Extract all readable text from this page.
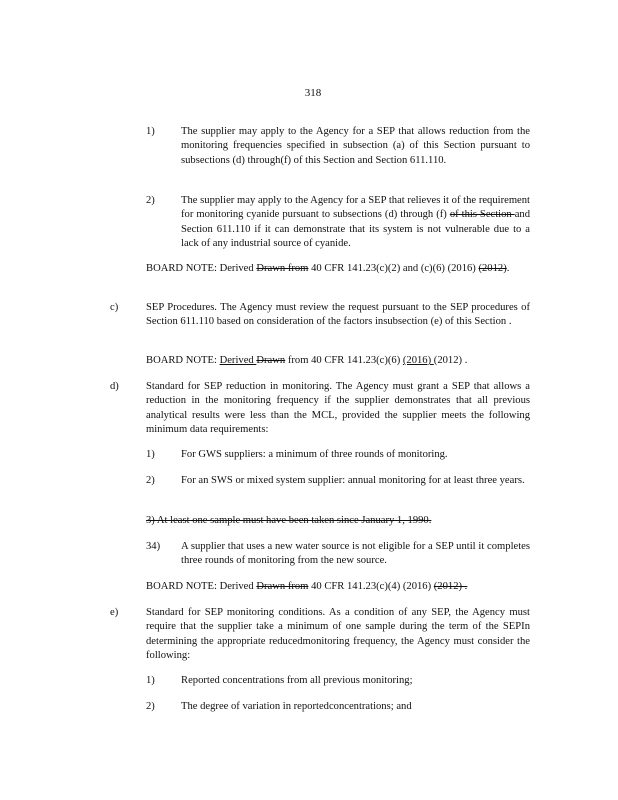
318
1) The supplier may apply to the Agency for a SEP that allows reduction from the monitoring frequencies specified in subsection (a) of this Section pursuant to subsections (d) through(f) of this Section and Section 611.110.
2) The supplier may apply to the Agency for a SEP that relieves it of the requirement for monitoring cyanide pursuant to subsections (d) through (f) of this Section and Section 611.110 if it can demonstrate that its system is not vulnerable due to a lack of any industrial source of cyanide.
BOARD NOTE: Derived Drawn from 40 CFR 141.23(c)(2) and (c)(6) (2016) (2012).
c)	SEP Procedures. The Agency must review the request pursuant to the SEP procedures of Section 611.110 based on consideration of the factors insubsection (e) of this Section .
BOARD NOTE: Derived Drawn from 40 CFR 141.23(c)(6) (2016) (2012) .
d)	Standard for SEP reduction in monitoring. The Agency must grant a SEP that allows a reduction in the monitoring frequency if the supplier demonstrates that all previous analytical results were less than the MCL, provided the supplier meets the following minimum data requirements:
1) For GWS suppliers: a minimum of three rounds of monitoring.
2) For an SWS or mixed system supplier: annual monitoring for at least three years.
3) At least one sample must have been taken since January 1, 1990.
34) A supplier that uses a new water source is not eligible for a SEP until it completes three rounds of monitoring from the new source.
BOARD NOTE: Derived Drawn from 40 CFR 141.23(c)(4) (2016) (2012) .
e)	Standard for SEP monitoring conditions. As a condition of any SEP, the Agency must require that the supplier take a minimum of one sample during the term of the SEPIn determining the appropriate reducedmonitoring frequency, the Agency must consider the following:
1) Reported concentrations from all previous monitoring;
2) The degree of variation in reportedconcentrations; and
